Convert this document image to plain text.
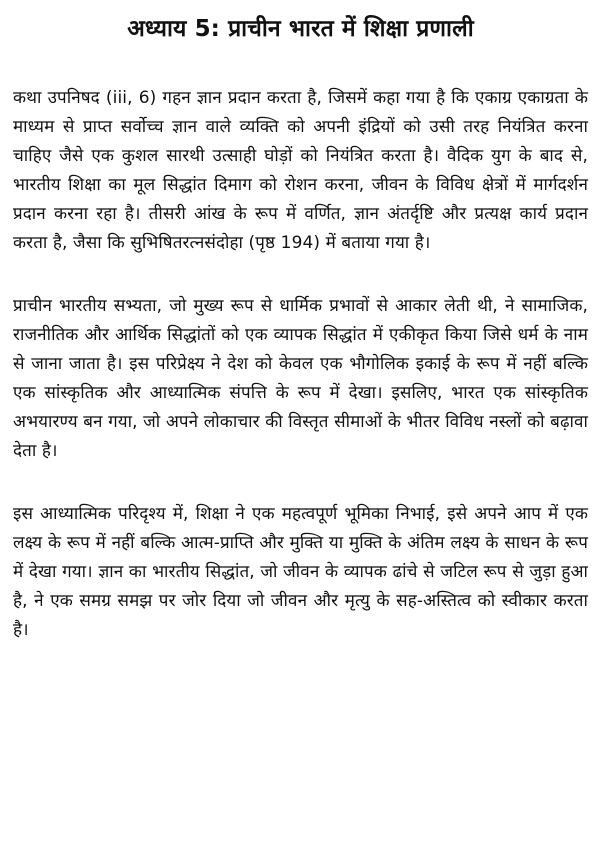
अध्याय 5: प्राचीन भारत में शिक्षा प्रणाली

कथा उपनिषद (iii, 6) गहन ज्ञान प्रदान करता है, जिसमें कहा गया है कि एकाग्र एकाग्रता के माध्यम से प्राप्त सर्वोच्च ज्ञान वाले व्यक्ति को अपनी इंद्रियों को उसी तरह नियंत्रित करना चाहिए जैसे एक कुशल सारथी उत्साही घोड़ों को नियंत्रित करता है। वैदिक युग के बाद से, भारतीय शिक्षा का मूल सिद्धांत दिमाग को रोशन करना, जीवन के विविध क्षेत्रों में मार्गदर्शन प्रदान करना रहा है। तीसरी आंख के रूप में वर्णित, ज्ञान अंतर्दृष्टि और प्रत्यक्ष कार्य प्रदान करता है, जैसा कि सुभिषितरत्नसंदोहा (पृष्ठ 194) में बताया गया है।

प्राचीन भारतीय सभ्यता, जो मुख्य रूप से धार्मिक प्रभावों से आकार लेती थी, ने सामाजिक, राजनीतिक और आर्थिक सिद्धांतों को एक व्यापक सिद्धांत में एकीकृत किया जिसे धर्म के नाम से जाना जाता है। इस परिप्रेक्ष्य ने देश को केवल एक भौगोलिक इकाई के रूप में नहीं बल्कि एक सांस्कृतिक और आध्यात्मिक संपत्ति के रूप में देखा। इसलिए, भारत एक सांस्कृतिक अभयारण्य बन गया, जो अपने लोकाचार की विस्तृत सीमाओं के भीतर विविध नस्लों को बढ़ावा देता है।

इस आध्यात्मिक परिदृश्य में, शिक्षा ने एक महत्वपूर्ण भूमिका निभाई, इसे अपने आप में एक लक्ष्य के रूप में नहीं बल्कि आत्म-प्राप्ति और मुक्ति या मुक्ति के अंतिम लक्ष्य के साधन के रूप में देखा गया। ज्ञान का भारतीय सिद्धांत, जो जीवन के व्यापक ढांचे से जटिल रूप से जुड़ा हुआ है, ने एक समग्र समझ पर जोर दिया जो जीवन और मृत्यु के सह-अस्तित्व को स्वीकार करता है।
